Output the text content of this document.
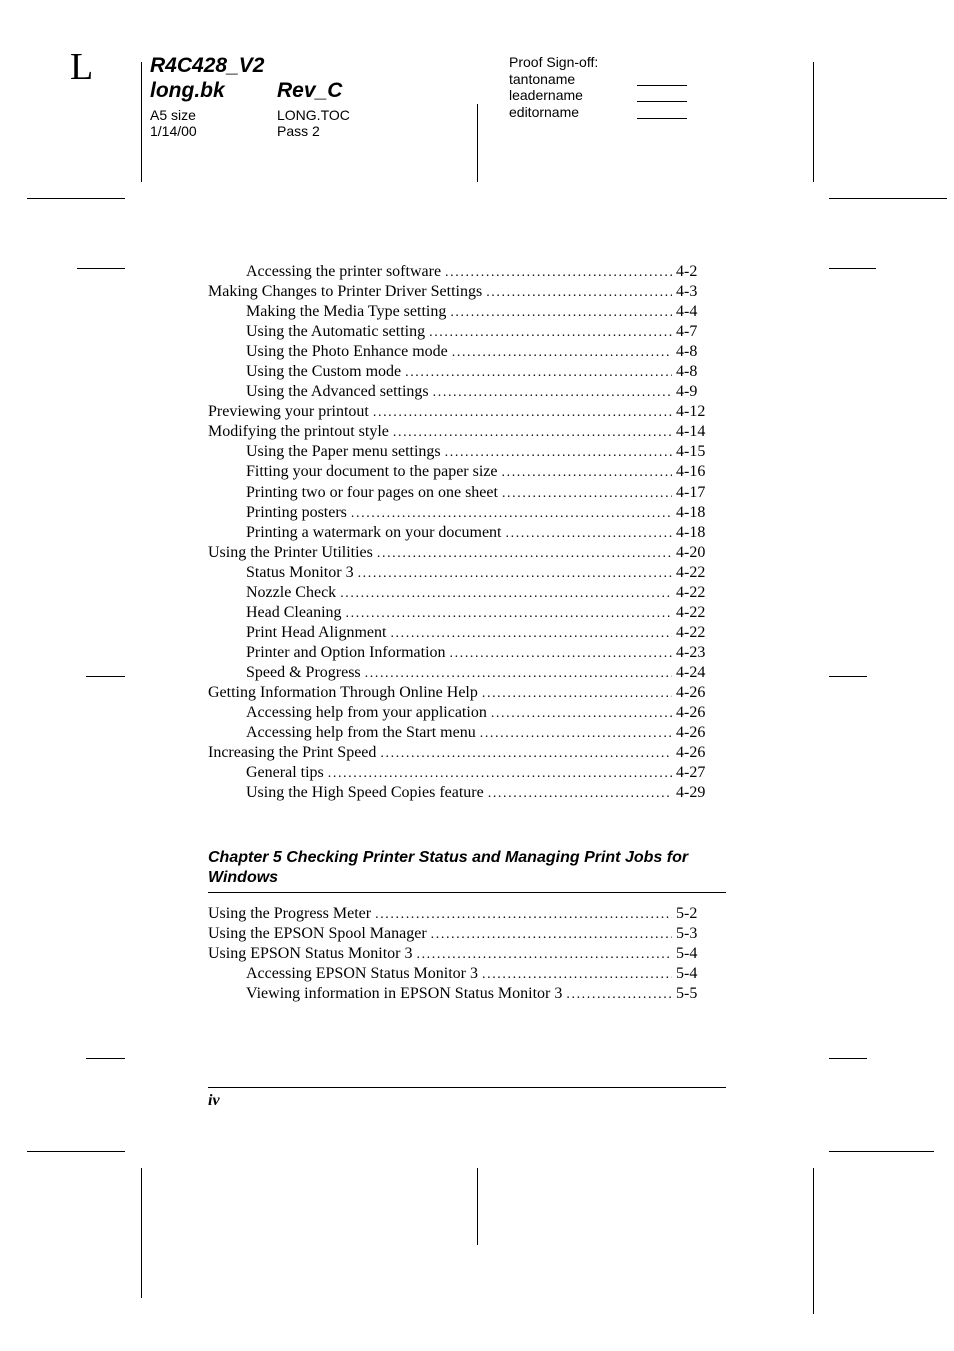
L	R4C428_V2
long.bk Rev_C
A5 size
1/14/00
LONG.TOC
Pass 2
Proof Sign-off:
tantoname
leadername
editorname
Accessing the printer software .....	4-2
Making Changes to Printer Driver Settings .....	4-3
Making the Media Type setting .....	4-4
Using the Automatic setting .....	4-7
Using the Photo Enhance mode .....	4-8
Using the Custom mode .....	4-8
Using the Advanced settings .....	4-9
Previewing your printout .....	4-12
Modifying the printout style .....	4-14
Using the Paper menu settings .....	4-15
Fitting your document to the paper size .....	4-16
Printing two or four pages on one sheet .....	4-17
Printing posters .....	4-18
Printing a watermark on your document .....	4-18
Using the Printer Utilities .....	4-20
Status Monitor 3 .....	4-22
Nozzle Check .....	4-22
Head Cleaning .....	4-22
Print Head Alignment .....	4-22
Printer and Option Information .....	4-23
Speed & Progress .....	4-24
Getting Information Through Online Help .....	4-26
Accessing help from your application .....	4-26
Accessing help from the Start menu .....	4-26
Increasing the Print Speed .....	4-26
General tips .....	4-27
Using the High Speed Copies feature .....	4-29
Chapter 5 Checking Printer Status and Managing Print Jobs for Windows
Using the Progress Meter .....	5-2
Using the EPSON Spool Manager .....	5-3
Using EPSON Status Monitor 3 .....	5-4
Accessing EPSON Status Monitor 3 .....	5-4
Viewing information in EPSON Status Monitor 3 .....	5-5
iv
